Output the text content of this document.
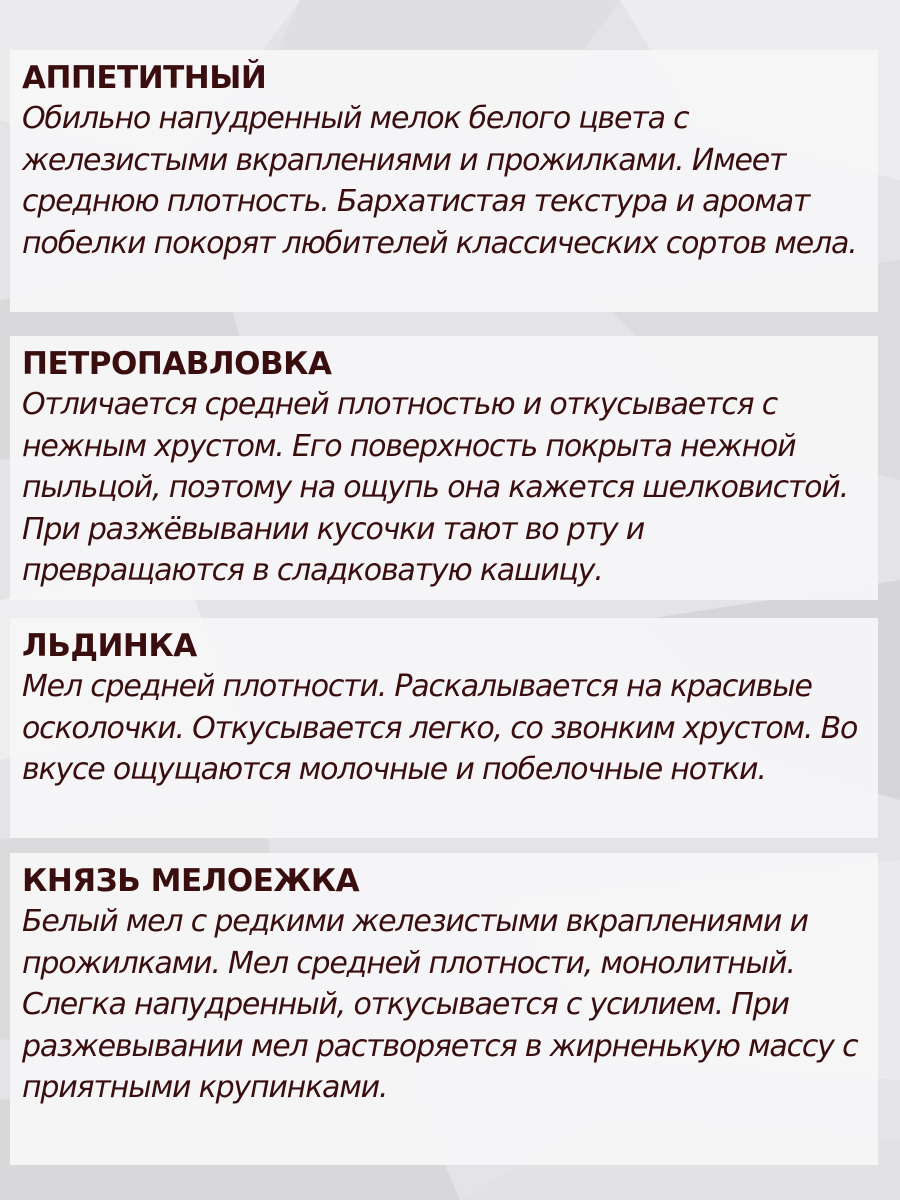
АППЕТИТНЫЙ

Обильно напудренный мелок белого цвета с железистыми вкраплениями и прожилками. Имеет среднюю плотность. Бархатистая текстура и аромат побелки покорят любителей классических сортов мела.

ПЕТРОПАВЛОВКА

Отличается средней плотностью и откусывается с нежным хрустом. Его поверхность покрыта нежной пыльцой, поэтому на ощупь она кажется шелковистой. При разжёвывании кусочки тают во рту и превращаются в сладковатую кашицу.

ЛЬДИНКА

Мел средней плотности. Раскалывается на красивые осколочки. Откусывается легко, со звонким хрустом. Во вкусе ощущаются молочные и побелочные нотки.

КНЯЗЬ МЕЛОЕЖКА

Белый мел с редкими железистыми вкраплениями и прожилками. Мел средней плотности, монолитный. Слегка напудренный, откусывается с усилием. При разжевывании мел растворяется в жирненькую массу с приятными крупинками.
